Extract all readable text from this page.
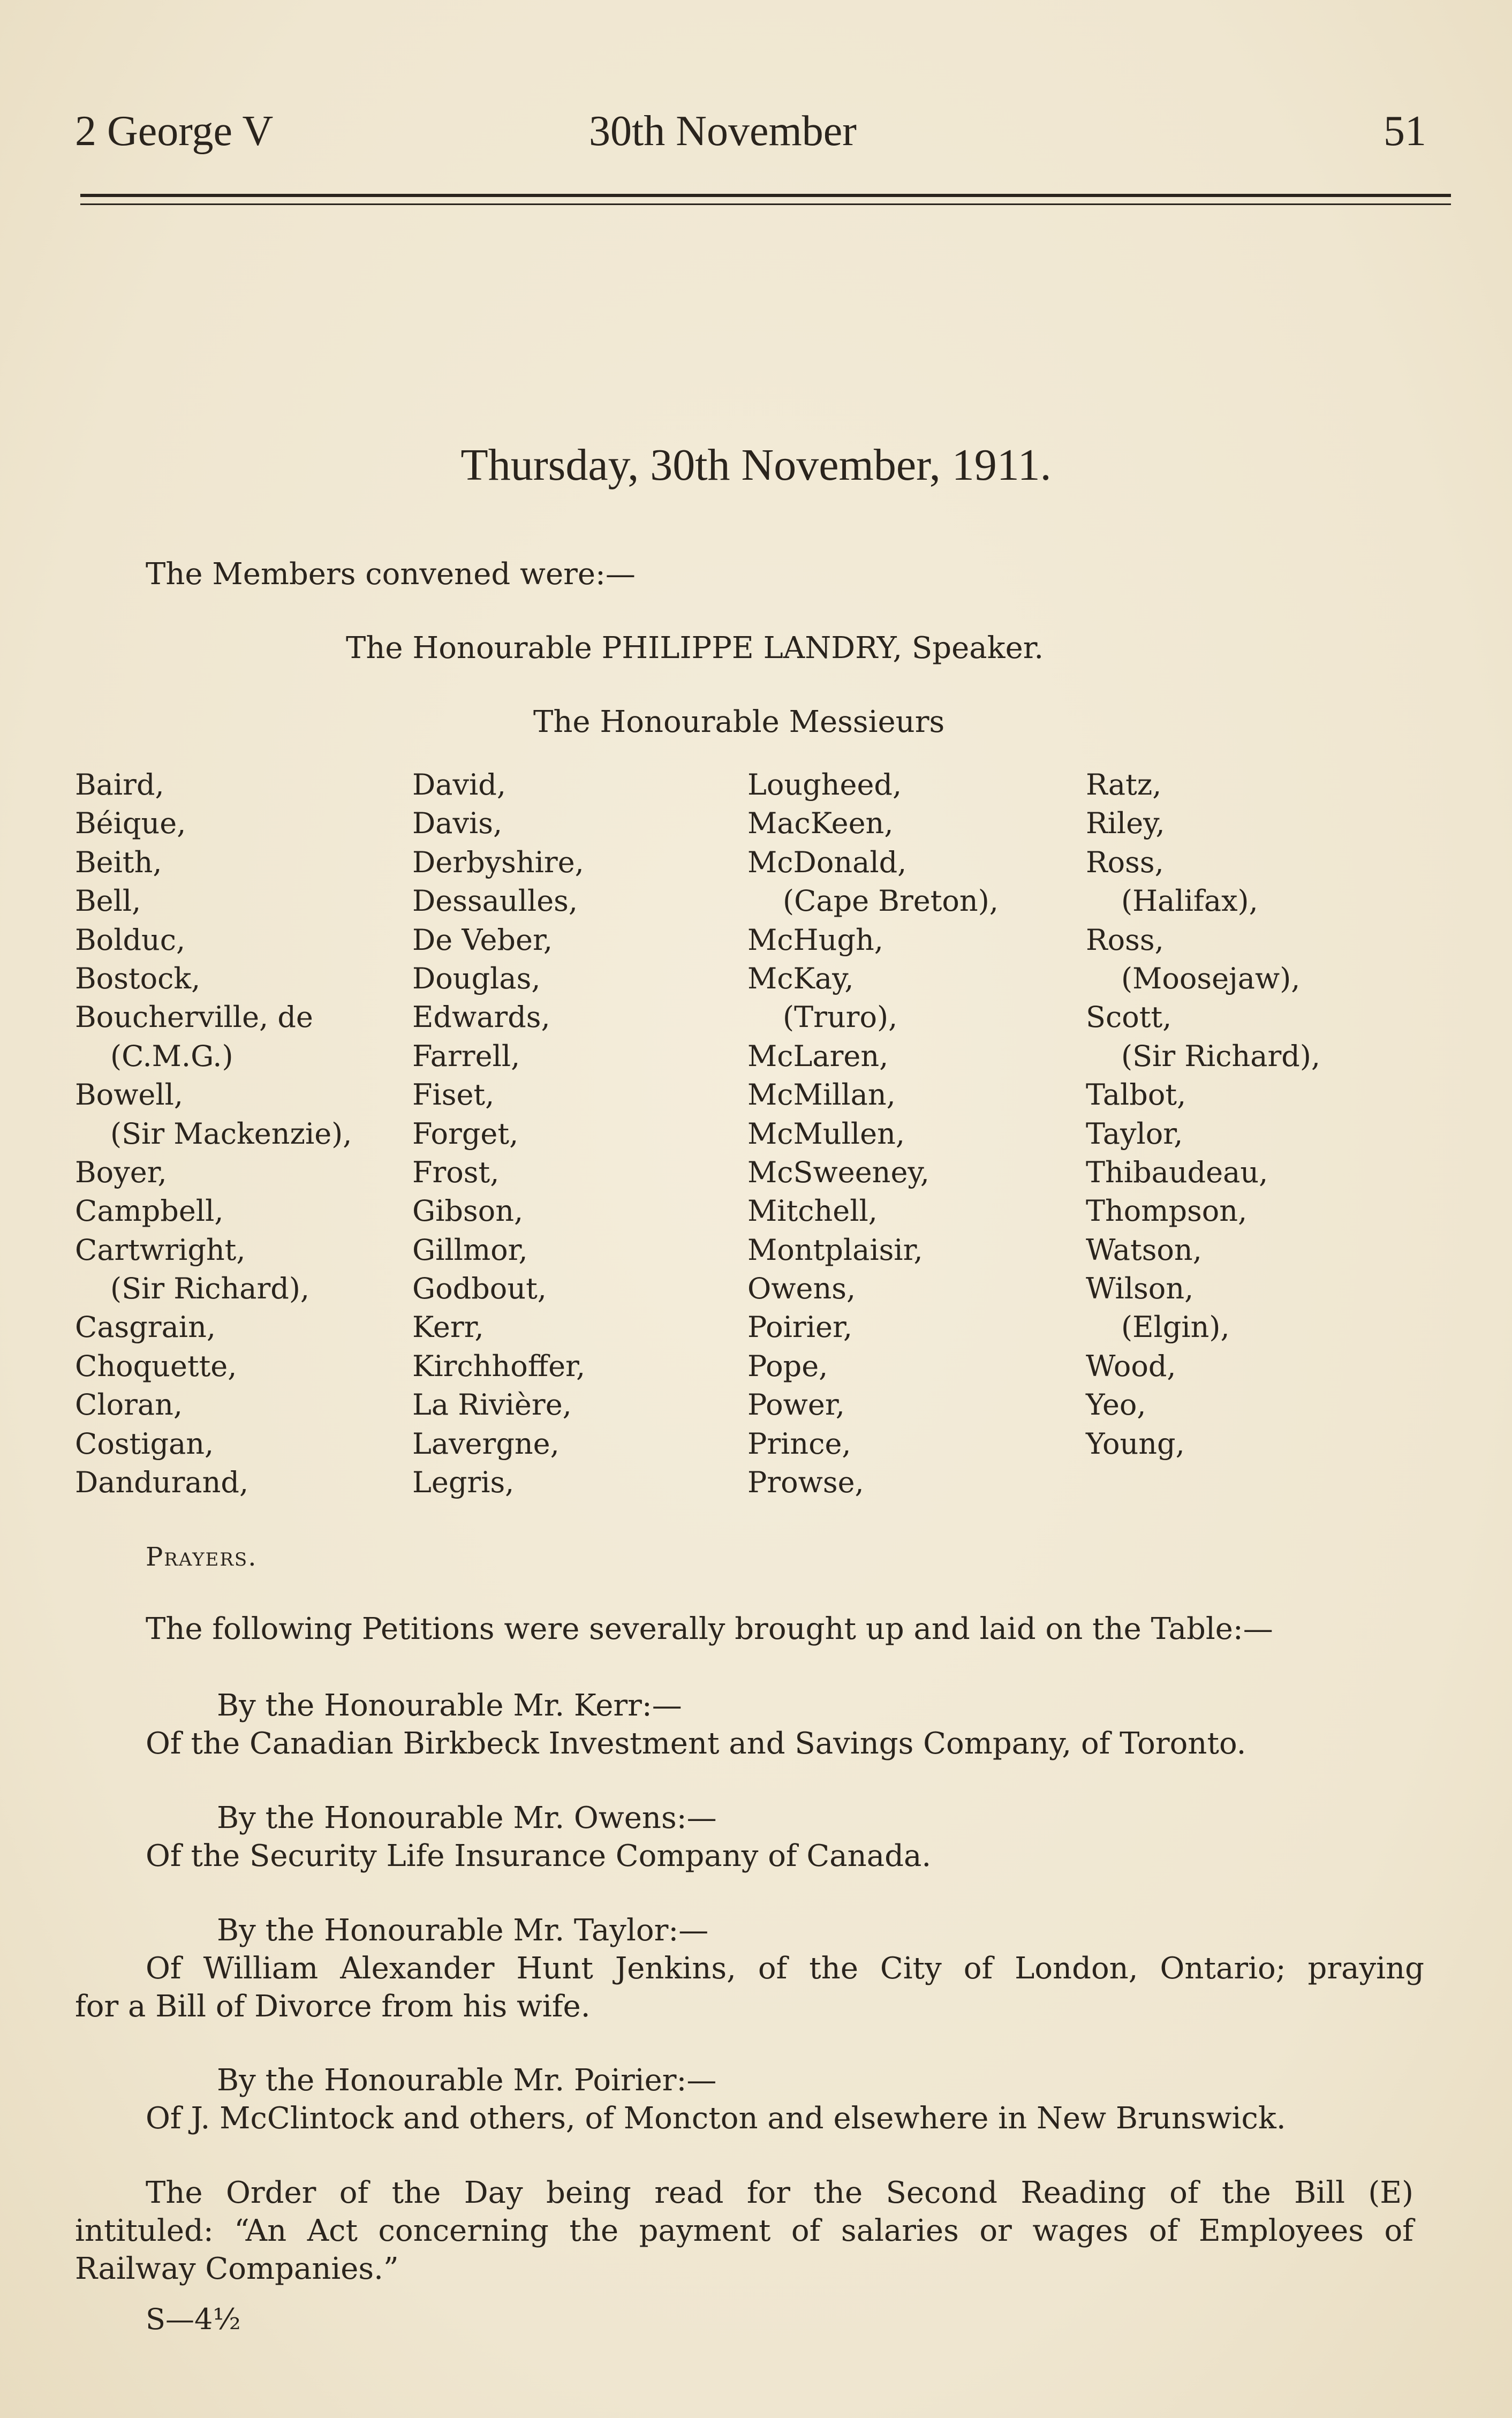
2 George V	30th November	51
Thursday, 30th November, 1911.
The Members convened were:—
The Honourable PHILIPPE LANDRY, Speaker.
The Honourable Messieurs
Baird,
Béique,
Beith,
Bell,
Bolduc,
Bostock,
Boucherville, de
(C.M.G.)
Bowell,
(Sir Mackenzie),
Boyer,
Campbell,
Cartwright,
(Sir Richard),
Casgrain,
Choquette,
Cloran,
Costigan,
Dandurand,
David,
Davis,
Derbyshire,
Dessaulles,
De Veber,
Douglas,
Edwards,
Farrell,
Fiset,
Forget,
Frost,
Gibson,
Gillmor,
Godbout,
Kerr,
Kirchhoffer,
La Rivière,
Lavergne,
Legris,
Lougheed,
MacKeen,
McDonald,
(Cape Breton),
McHugh,
McKay,
(Truro),
McLaren,
McMillan,
McMullen,
McSweeney,
Mitchell,
Montplaisir,
Owens,
Poirier,
Pope,
Power,
Prince,
Prowse,
Ratz,
Riley,
Ross,
(Halifax),
Ross,
(Moosejaw),
Scott,
(Sir Richard),
Talbot,
Taylor,
Thibaudeau,
Thompson,
Watson,
Wilson,
(Elgin),
Wood,
Yeo,
Young,
Prayers.
The following Petitions were severally brought up and laid on the Table:—
By the Honourable Mr. Kerr:—
Of the Canadian Birkbeck Investment and Savings Company, of Toronto.
By the Honourable Mr. Owens:—
Of the Security Life Insurance Company of Canada.
By the Honourable Mr. Taylor:—
Of William Alexander Hunt Jenkins, of the City of London, Ontario; praying
for a Bill of Divorce from his wife.
By the Honourable Mr. Poirier:—
Of J. McClintock and others, of Moncton and elsewhere in New Brunswick.
The Order of the Day being read for the Second Reading of the Bill (E)
intituled: “An Act concerning the payment of salaries or wages of Employees of
Railway Companies.”
S—4½
